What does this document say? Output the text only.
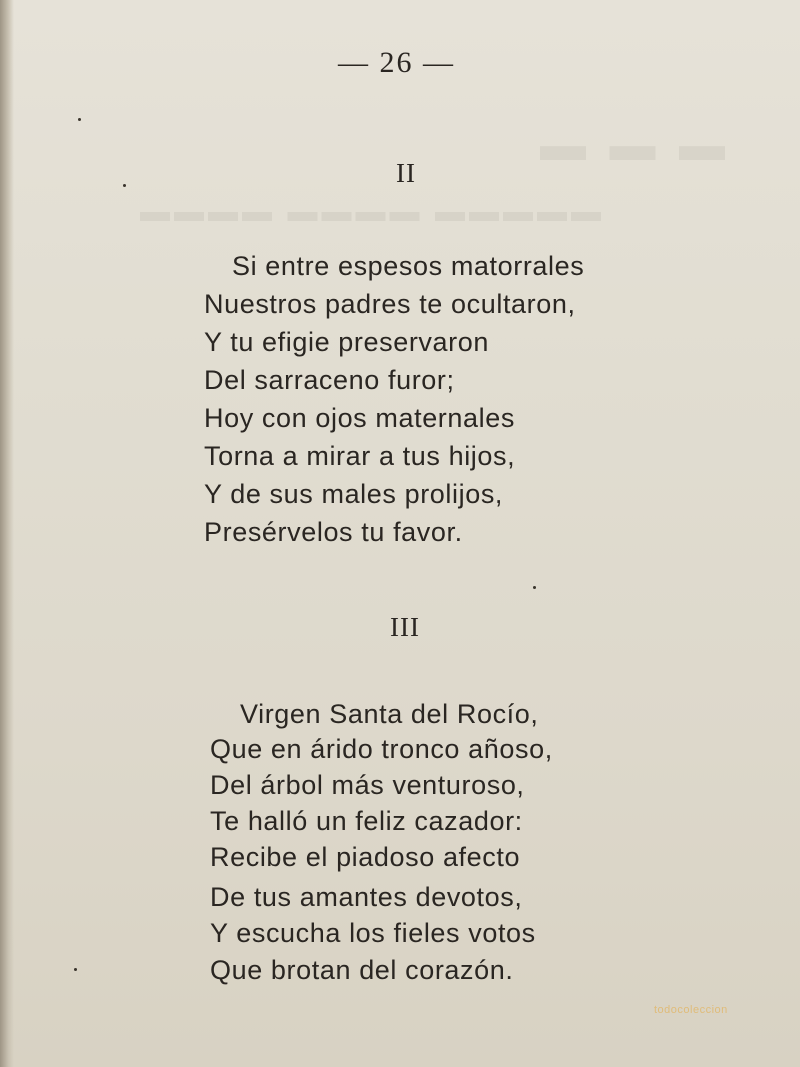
▬ ▬ ▬
▬▬▬▬ ▬▬▬▬ ▬▬▬▬▬
— 26 —
II
Si entre espesos matorrales
Nuestros padres te ocultaron,
Y tu efigie preservaron
Del sarraceno furor;
Hoy con ojos maternales
Torna a mirar a tus hijos,
Y de sus males prolijos,
Presérvelos tu favor.
III
Virgen Santa del Rocío,
Que en árido tronco añoso,
Del árbol más venturoso,
Te halló un feliz cazador:
Recibe el piadoso afecto
De tus amantes devotos,
Y escucha los fieles votos
Que brotan del corazón.
todocoleccion
